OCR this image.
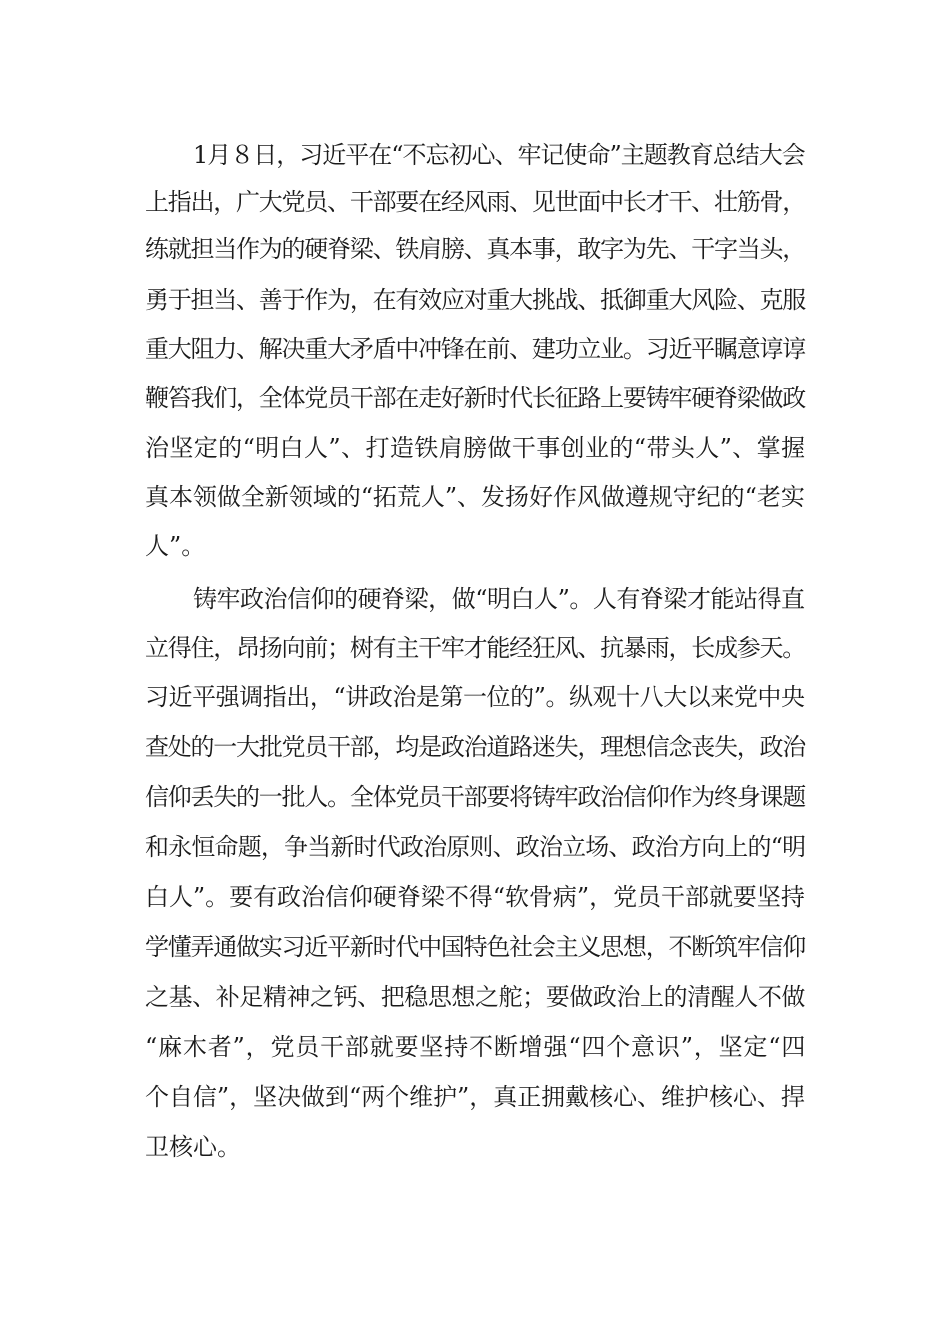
1月８日，习近平在“不忘初心、牢记使命”主题教育总结大会
上指出，广大党员、干部要在经风雨、见世面中长才干、壮筋骨，
练就担当作为的硬脊梁、铁肩膀、真本事，敢字为先、干字当头，
勇于担当、善于作为，在有效应对重大挑战、抵御重大风险、克服
重大阻力、解决重大矛盾中冲锋在前、建功立业。习近平瞩意谆谆
鞭笞我们，全体党员干部在走好新时代长征路上要铸牢硬脊梁做政
治坚定的“明白人”、打造铁肩膀做干事创业的“带头人”、掌握
真本领做全新领域的“拓荒人”、发扬好作风做遵规守纪的“老实
人”。
铸牢政治信仰的硬脊梁，做“明白人”。人有脊梁才能站得直
立得住，昂扬向前；树有主干牢才能经狂风、抗暴雨，长成参天。
习近平强调指出，“讲政治是第一位的”。纵观十八大以来党中央
查处的一大批党员干部，均是政治道路迷失，理想信念丧失，政治
信仰丢失的一批人。全体党员干部要将铸牢政治信仰作为终身课题
和永恒命题，争当新时代政治原则、政治立场、政治方向上的“明
白人”。要有政治信仰硬脊梁不得“软骨病”，党员干部就要坚持
学懂弄通做实习近平新时代中国特色社会主义思想，不断筑牢信仰
之基、补足精神之钙、把稳思想之舵；要做政治上的清醒人不做
“麻木者”，党员干部就要坚持不断增强“四个意识”，坚定“四
个自信”，坚决做到“两个维护”，真正拥戴核心、维护核心、捍
卫核心。
